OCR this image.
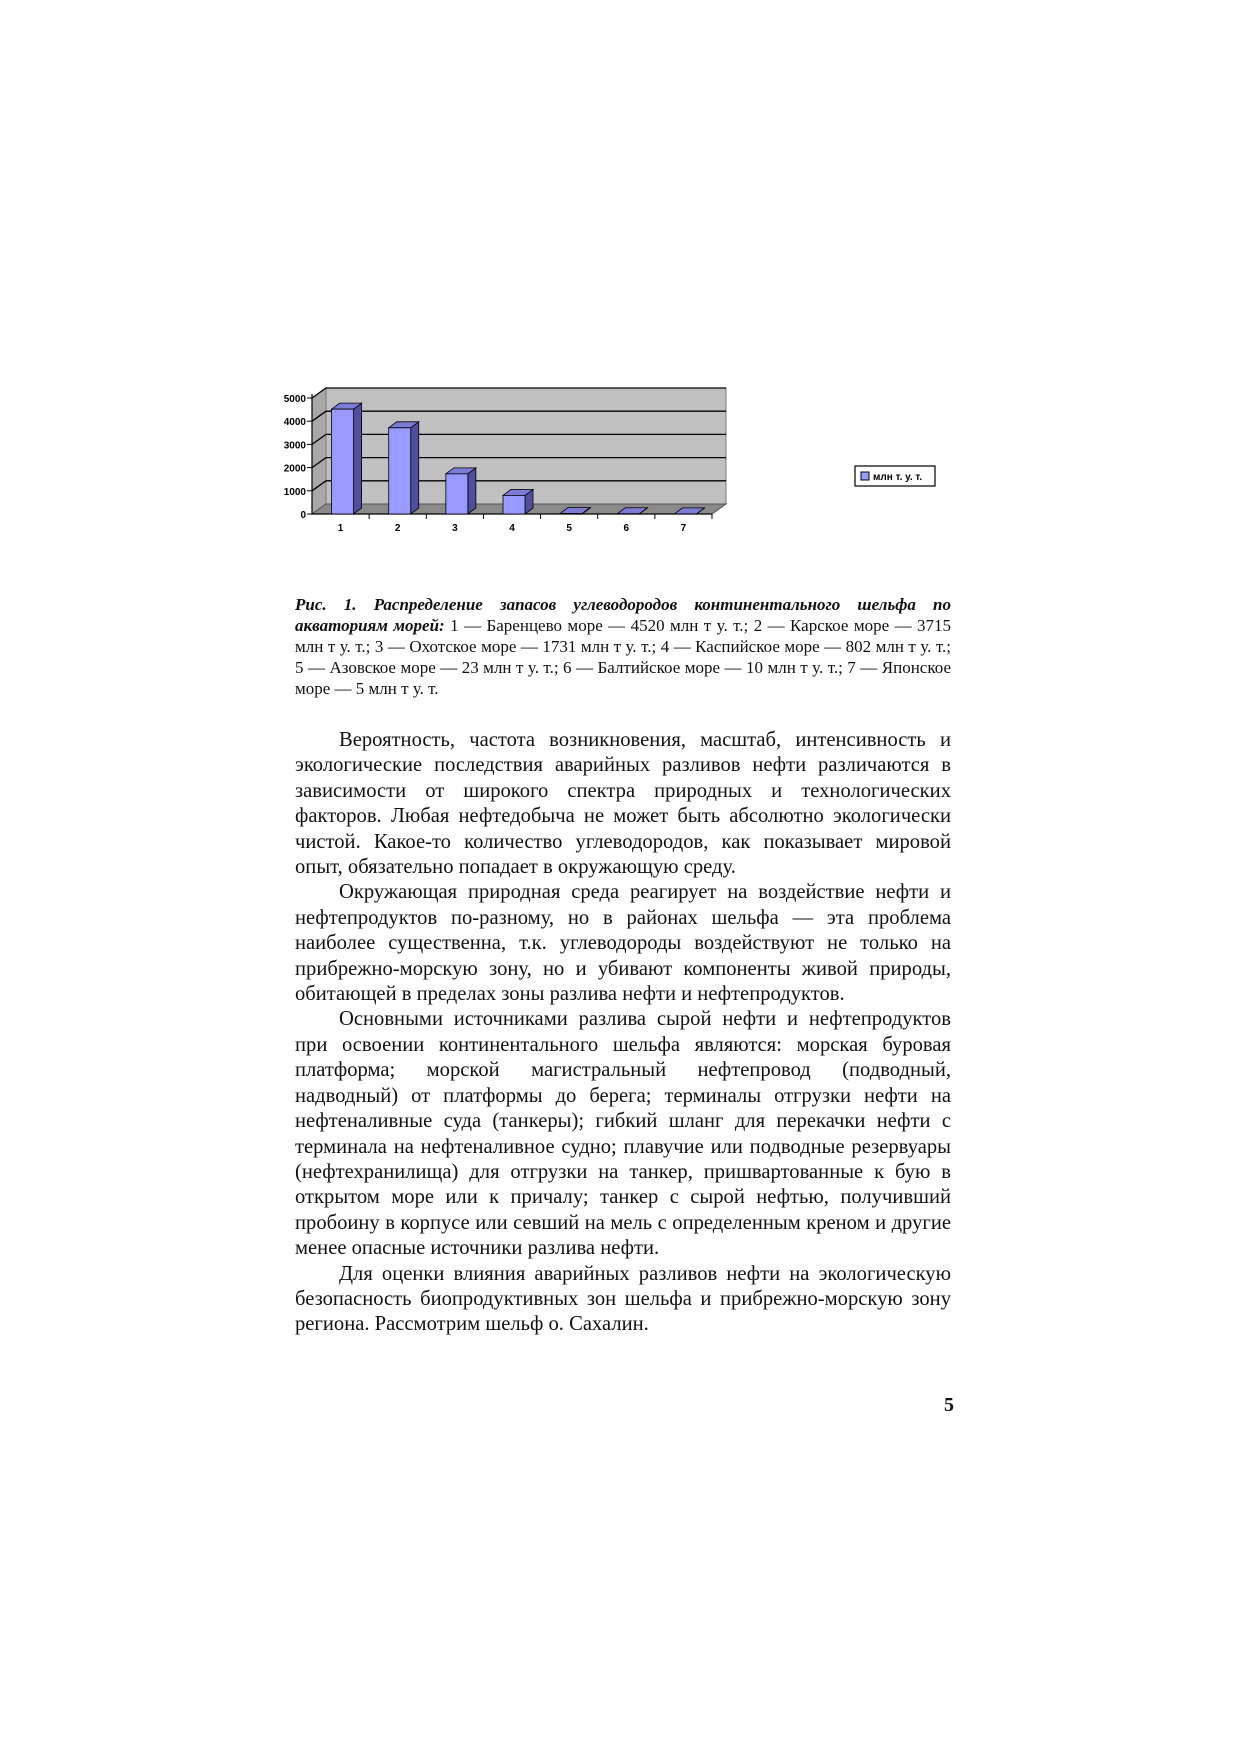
0
1000
2000
3000
4000
5000
1	2	3	4	5	6	7
млн т. у. т.

Рис. 1. Распределение запасов углеводородов континентального шельфа по акваториям морей: 1 — Баренцево море — 4520 млн т у. т.; 2 — Карское море — 3715 млн т у. т.; 3 — Охотское море — 1731 млн т у. т.; 4 — Каспийское море — 802 млн т у. т.; 5 — Азовское море — 23 млн т у. т.; 6 — Балтийское море — 10 млн т у. т.; 7 — Японское море — 5 млн т у. т.

Вероятность, частота возникновения, масштаб, интенсивность и экологические последствия аварийных разливов нефти различаются в зависимости от широкого спектра природных и технологических факторов. Любая нефтедобыча не может быть абсолютно экологически чистой. Какое-то количество углеводородов, как показывает мировой опыт, обязательно попадает в окружающую среду.

Окружающая природная среда реагирует на воздействие нефти и нефтепродуктов по-разному, но в районах шельфа — эта проблема наиболее существенна, т.к. углеводороды воздействуют не только на прибрежно-морскую зону, но и убивают компоненты живой природы, обитающей в пределах зоны разлива нефти и нефтепродуктов.

Основными источниками разлива сырой нефти и нефтепродуктов при освоении континентального шельфа являются: морская буровая платформа; морской магистральный нефтепровод (подводный, надводный) от платформы до берега; терминалы отгрузки нефти на нефтеналивные суда (танкеры); гибкий шланг для перекачки нефти с терминала на нефтеналивное судно; плавучие или подводные резервуары (нефтехранилища) для отгрузки на танкер, пришвартованные к бую в открытом море или к причалу; танкер с сырой нефтью, получивший пробоину в корпусе или севший на мель с определенным креном и другие менее опасные источники разлива нефти.

Для оценки влияния аварийных разливов нефти на экологическую безопасность биопродуктивных зон шельфа и прибрежно-морскую зону региона. Рассмотрим шельф о. Сахалин.

5
